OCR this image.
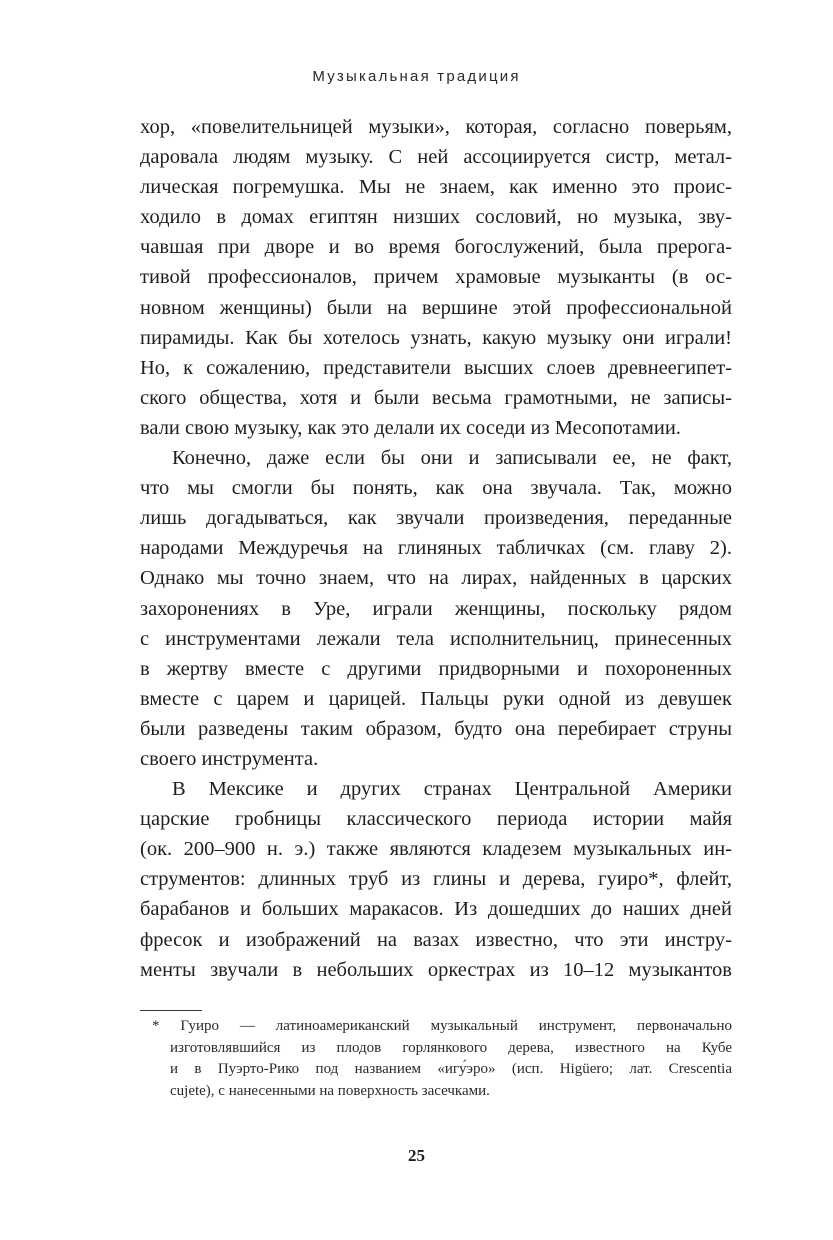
Музыкальная традиция
хор, «повелительницей музыки», которая, согласно поверьям,
даровала людям музыку. С ней ассоциируется систр, метал-
лическая погремушка. Мы не знаем, как именно это проис-
ходило в домах египтян низших сословий, но музыка, зву-
чавшая при дворе и во время богослужений, была прерога-
тивой профессионалов, причем храмовые музыканты (в ос-
новном женщины) были на вершине этой профессиональной
пирамиды. Как бы хотелось узнать, какую музыку они играли!
Но, к сожалению, представители высших слоев древнеегипет-
ского общества, хотя и были весьма грамотными, не записы-
вали свою музыку, как это делали их соседи из Месопотамии.
Конечно, даже если бы они и записывали ее, не факт,
что мы смогли бы понять, как она звучала. Так, можно
лишь догадываться, как звучали произведения, переданные
народами Междуречья на глиняных табличках (см. главу 2).
Однако мы точно знаем, что на лирах, найденных в царских
захоронениях в Уре, играли женщины, поскольку рядом
с инструментами лежали тела исполнительниц, принесенных
в жертву вместе с другими придворными и похороненных
вместе с царем и царицей. Пальцы руки одной из девушек
были разведены таким образом, будто она перебирает струны
своего инструмента.
В Мексике и других странах Центральной Америки
царские гробницы классического периода истории майя
(ок. 200–900 н. э.) также являются кладезем музыкальных ин-
струментов: длинных труб из глины и дерева, гуиро*, флейт,
барабанов и больших маракасов. Из дошедших до наших дней
фресок и изображений на вазах известно, что эти инстру-
менты звучали в небольших оркестрах из 10–12 музыкантов
* Гуиро — латиноамериканский музыкальный инструмент, первоначально
изготовлявшийся из плодов горлянкового дерева, известного на Кубе
и в Пуэрто-Рико под названием «игу́эро» (исп. Higüero; лат. Crescentia
cujete), с нанесенными на поверхность засечками.
25
